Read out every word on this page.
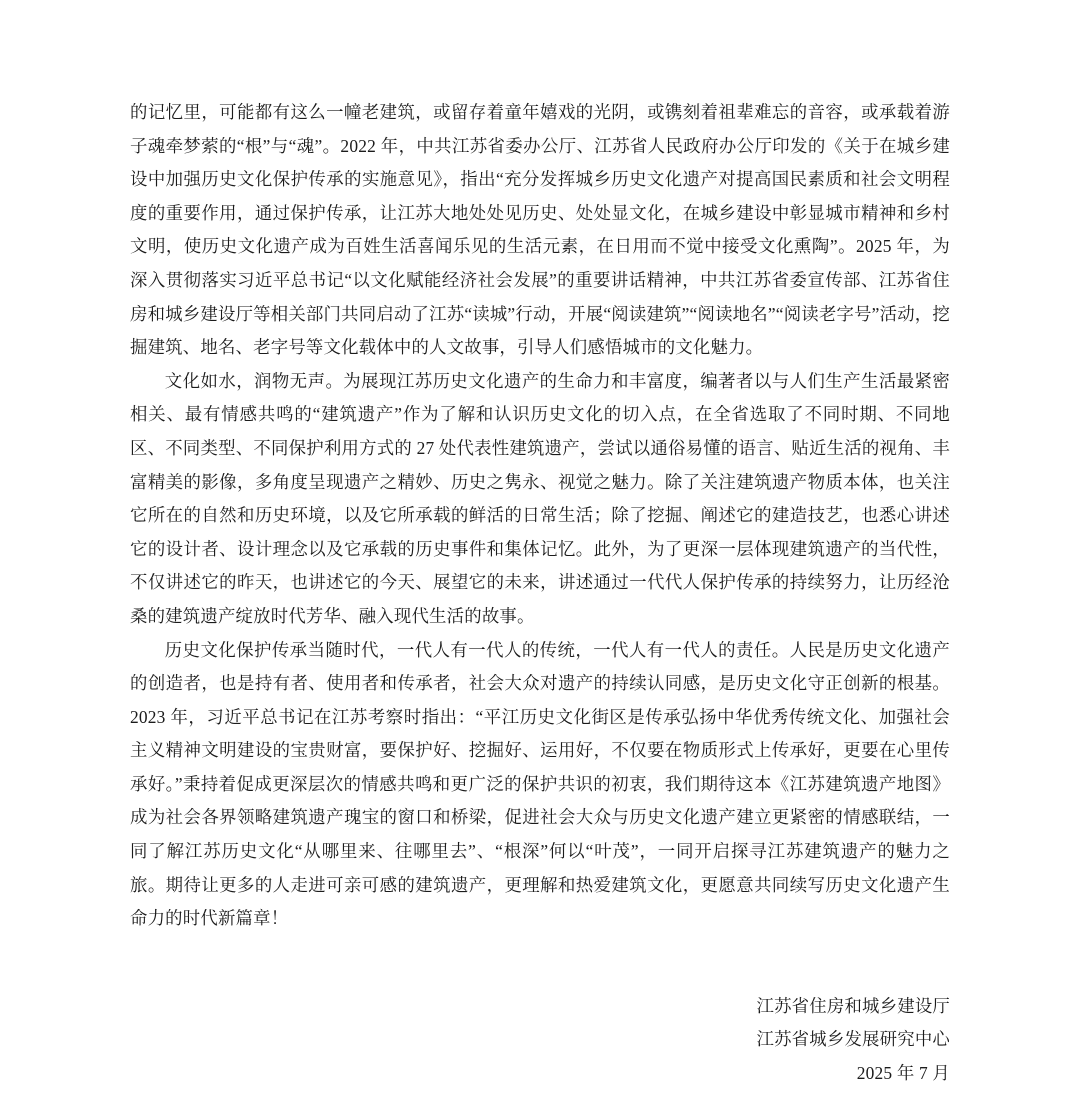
的记忆里，可能都有这么一幢老建筑，或留存着童年嬉戏的光阴，或镌刻着祖辈难忘的音容，或承载着游子魂牵梦萦的“根”与“魂”。2022 年，中共江苏省委办公厅、江苏省人民政府办公厅印发的《关于在城乡建设中加强历史文化保护传承的实施意见》，指出“充分发挥城乡历史文化遗产对提高国民素质和社会文明程度的重要作用，通过保护传承，让江苏大地处处见历史、处处显文化，在城乡建设中彰显城市精神和乡村文明，使历史文化遗产成为百姓生活喜闻乐见的生活元素，在日用而不觉中接受文化熏陶”。2025 年，为深入贯彻落实习近平总书记“以文化赋能经济社会发展”的重要讲话精神，中共江苏省委宣传部、江苏省住房和城乡建设厅等相关部门共同启动了江苏“读城”行动，开展“阅读建筑”“阅读地名”“阅读老字号”活动，挖掘建筑、地名、老字号等文化载体中的人文故事，引导人们感悟城市的文化魅力。

文化如水，润物无声。为展现江苏历史文化遗产的生命力和丰富度，编著者以与人们生产生活最紧密相关、最有情感共鸣的“建筑遗产”作为了解和认识历史文化的切入点，在全省选取了不同时期、不同地区、不同类型、不同保护利用方式的 27 处代表性建筑遗产，尝试以通俗易懂的语言、贴近生活的视角、丰富精美的影像，多角度呈现遗产之精妙、历史之隽永、视觉之魅力。除了关注建筑遗产物质本体，也关注它所在的自然和历史环境，以及它所承载的鲜活的日常生活；除了挖掘、阐述它的建造技艺，也悉心讲述它的设计者、设计理念以及它承载的历史事件和集体记忆。此外，为了更深一层体现建筑遗产的当代性，不仅讲述它的昨天，也讲述它的今天、展望它的未来，讲述通过一代代人保护传承的持续努力，让历经沧桑的建筑遗产绽放时代芳华、融入现代生活的故事。

历史文化保护传承当随时代，一代人有一代人的传统，一代人有一代人的责任。人民是历史文化遗产的创造者，也是持有者、使用者和传承者，社会大众对遗产的持续认同感，是历史文化守正创新的根基。2023 年，习近平总书记在江苏考察时指出：“平江历史文化街区是传承弘扬中华优秀传统文化、加强社会主义精神文明建设的宝贵财富，要保护好、挖掘好、运用好，不仅要在物质形式上传承好，更要在心里传承好。”秉持着促成更深层次的情感共鸣和更广泛的保护共识的初衷，我们期待这本《江苏建筑遗产地图》成为社会各界领略建筑遗产瑰宝的窗口和桥梁，促进社会大众与历史文化遗产建立更紧密的情感联结，一同了解江苏历史文化“从哪里来、往哪里去”、“根深”何以“叶茂”，一同开启探寻江苏建筑遗产的魅力之旅。期待让更多的人走进可亲可感的建筑遗产，更理解和热爱建筑文化，更愿意共同续写历史文化遗产生命力的时代新篇章！

江苏省住房和城乡建设厅
江苏省城乡发展研究中心
2025 年 7 月
